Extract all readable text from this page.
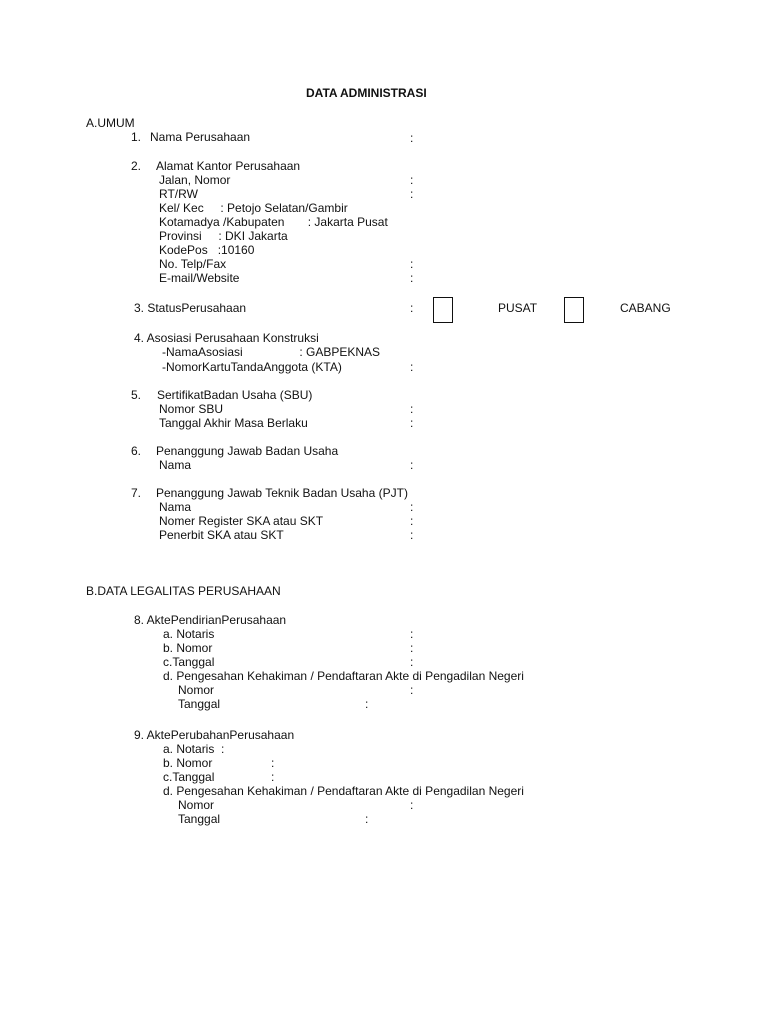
DATA ADMINISTRASI
A.UMUM
1. Nama Perusahaan	:
2. Alamat Kantor Perusahaan
Jalan, Nomor	:
RT/RW	:
Kel/ Kec     : Petojo Selatan/Gambir
Kotamadya /Kabupaten       : Jakarta Pusat
Provinsi     : DKI Jakarta
KodePos   :10160
No. Telp/Fax	:
E-mail/Website	:
3. StatusPerusahaan	:	PUSAT	CABANG
4. Asosiasi Perusahaan Konstruksi
-NamaAsosiasi                 : GABPEKNAS
-NomorKartuTandaAnggota (KTA)	:
5. SertifikatBadan Usaha (SBU)
Nomor SBU	:
Tanggal Akhir Masa Berlaku	:
6. Penanggung Jawab Badan Usaha
Nama	:
7. Penanggung Jawab Teknik Badan Usaha (PJT)
Nama	:
Nomer Register SKA atau SKT	:
Penerbit SKA atau SKT	:
B.DATA LEGALITAS PERUSAHAAN
8. AktePendirianPerusahaan
a. Notaris	:
b. Nomor	:
c.Tanggal	:
d. Pengesahan Kehakiman / Pendaftaran Akte di Pengadilan Negeri
Nomor	:
Tanggal	:
9. AktePerubahanPerusahaan
a. Notaris  :
b. Nomor	:
c.Tanggal	:
d. Pengesahan Kehakiman / Pendaftaran Akte di Pengadilan Negeri
Nomor	:
Tanggal	:
